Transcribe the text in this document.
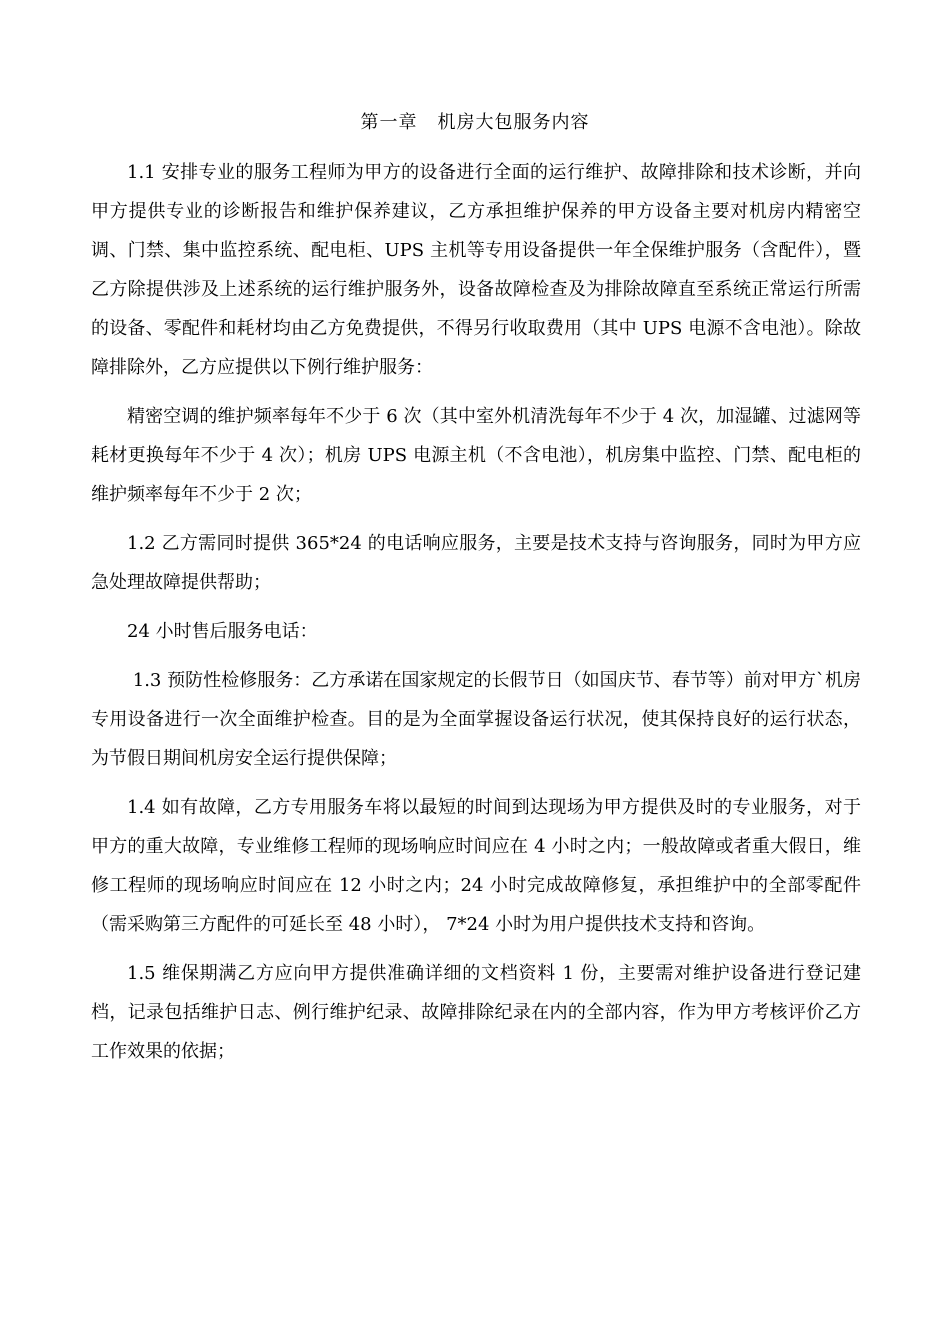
第一章 机房大包服务内容

1.1 安排专业的服务工程师为甲方的设备进行全面的运行维护、故障排除和技术诊断，并向甲方提供专业的诊断报告和维护保养建议，乙方承担维护保养的甲方设备主要对机房内精密空调、门禁、集中监控系统、配电柜、UPS 主机等专用设备提供一年全保维护服务（含配件），暨乙方除提供涉及上述系统的运行维护服务外，设备故障检查及为排除故障直至系统正常运行所需的设备、零配件和耗材均由乙方免费提供，不得另行收取费用（其中 UPS 电源不含电池）。除故障排除外，乙方应提供以下例行维护服务：

精密空调的维护频率每年不少于 6 次（其中室外机清洗每年不少于 4 次，加湿罐、过滤网等耗材更换每年不少于 4 次）；机房 UPS 电源主机（不含电池），机房集中监控、门禁、配电柜的维护频率每年不少于 2 次；

1.2 乙方需同时提供 365*24 的电话响应服务，主要是技术支持与咨询服务，同时为甲方应急处理故障提供帮助；

24 小时售后服务电话：

1.3 预防性检修服务：乙方承诺在国家规定的长假节日（如国庆节、春节等）前对甲方`机房专用设备进行一次全面维护检查。目的是为全面掌握设备运行状况，使其保持良好的运行状态，为节假日期间机房安全运行提供保障；

1.4 如有故障，乙方专用服务车将以最短的时间到达现场为甲方提供及时的专业服务，对于甲方的重大故障，专业维修工程师的现场响应时间应在 4 小时之内；一般故障或者重大假日，维修工程师的现场响应时间应在 12 小时之内；24 小时完成故障修复，承担维护中的全部零配件（需采购第三方配件的可延长至 48 小时）， 7*24 小时为用户提供技术支持和咨询。

1.5 维保期满乙方应向甲方提供准确详细的文档资料 1 份，主要需对维护设备进行登记建档，记录包括维护日志、例行维护纪录、故障排除纪录在内的全部内容，作为甲方考核评价乙方工作效果的依据；
